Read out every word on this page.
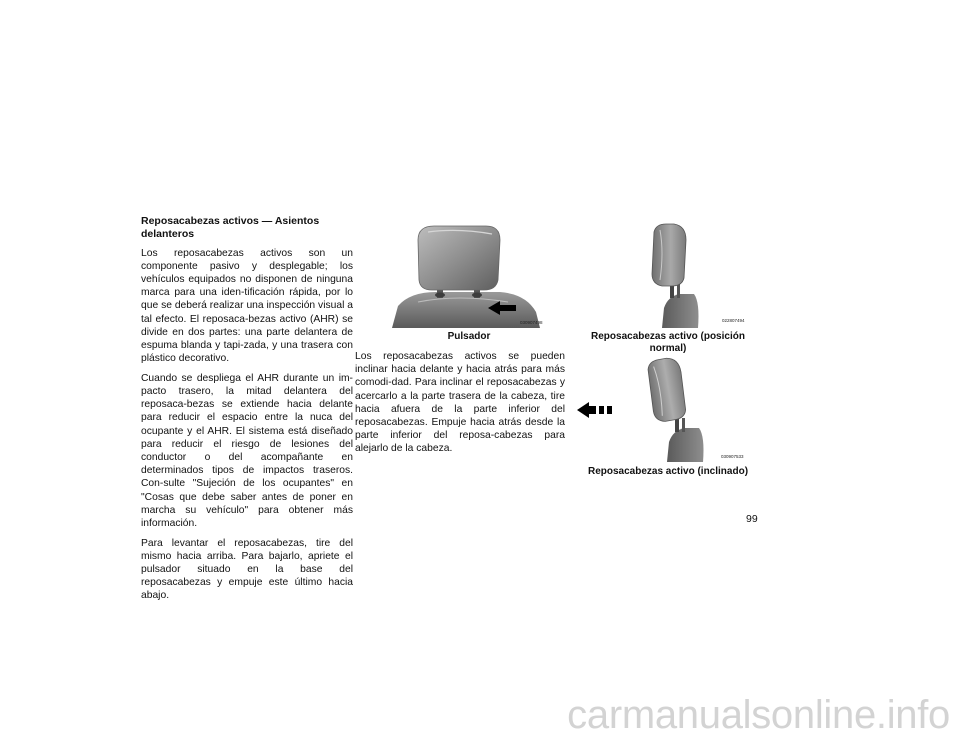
Reposacabezas activos — Asientos delanteros

Los reposacabezas activos son un componente pasivo y desplegable; los vehículos equipados no disponen de ninguna marca para una iden-tificación rápida, por lo que se deberá realizar una inspección visual a tal efecto. El reposaca-bezas activo (AHR) se divide en dos partes: una parte delantera de espuma blanda y tapi-zada, y una trasera con plástico decorativo.

Cuando se despliega el AHR durante un im-pacto trasero, la mitad delantera del reposaca-bezas se extiende hacia delante para reducir el espacio entre la nuca del ocupante y el AHR. El sistema está diseñado para reducir el riesgo de lesiones del conductor o del acompañante en determinados tipos de impactos traseros. Con-sulte "Sujeción de los ocupantes" en "Cosas que debe saber antes de poner en marcha su vehículo" para obtener más información.

Para levantar el reposacabezas, tire del mismo hacia arriba. Para bajarlo, apriete el pulsador situado en la base del reposacabezas y empuje este último hacia abajo.

030907498
Pulsador

Los reposacabezas activos se pueden inclinar hacia delante y hacia atrás para más comodi-dad. Para inclinar el reposacabezas y acercarlo a la parte trasera de la cabeza, tire hacia afuera de la parte inferior del reposacabezas. Empuje hacia atrás desde la parte inferior del reposa-cabezas para alejarlo de la cabeza.

022807494
Reposacabezas activo (posición normal)
030907533
Reposacabezas activo (inclinado)
99
carmanualsonline.info
